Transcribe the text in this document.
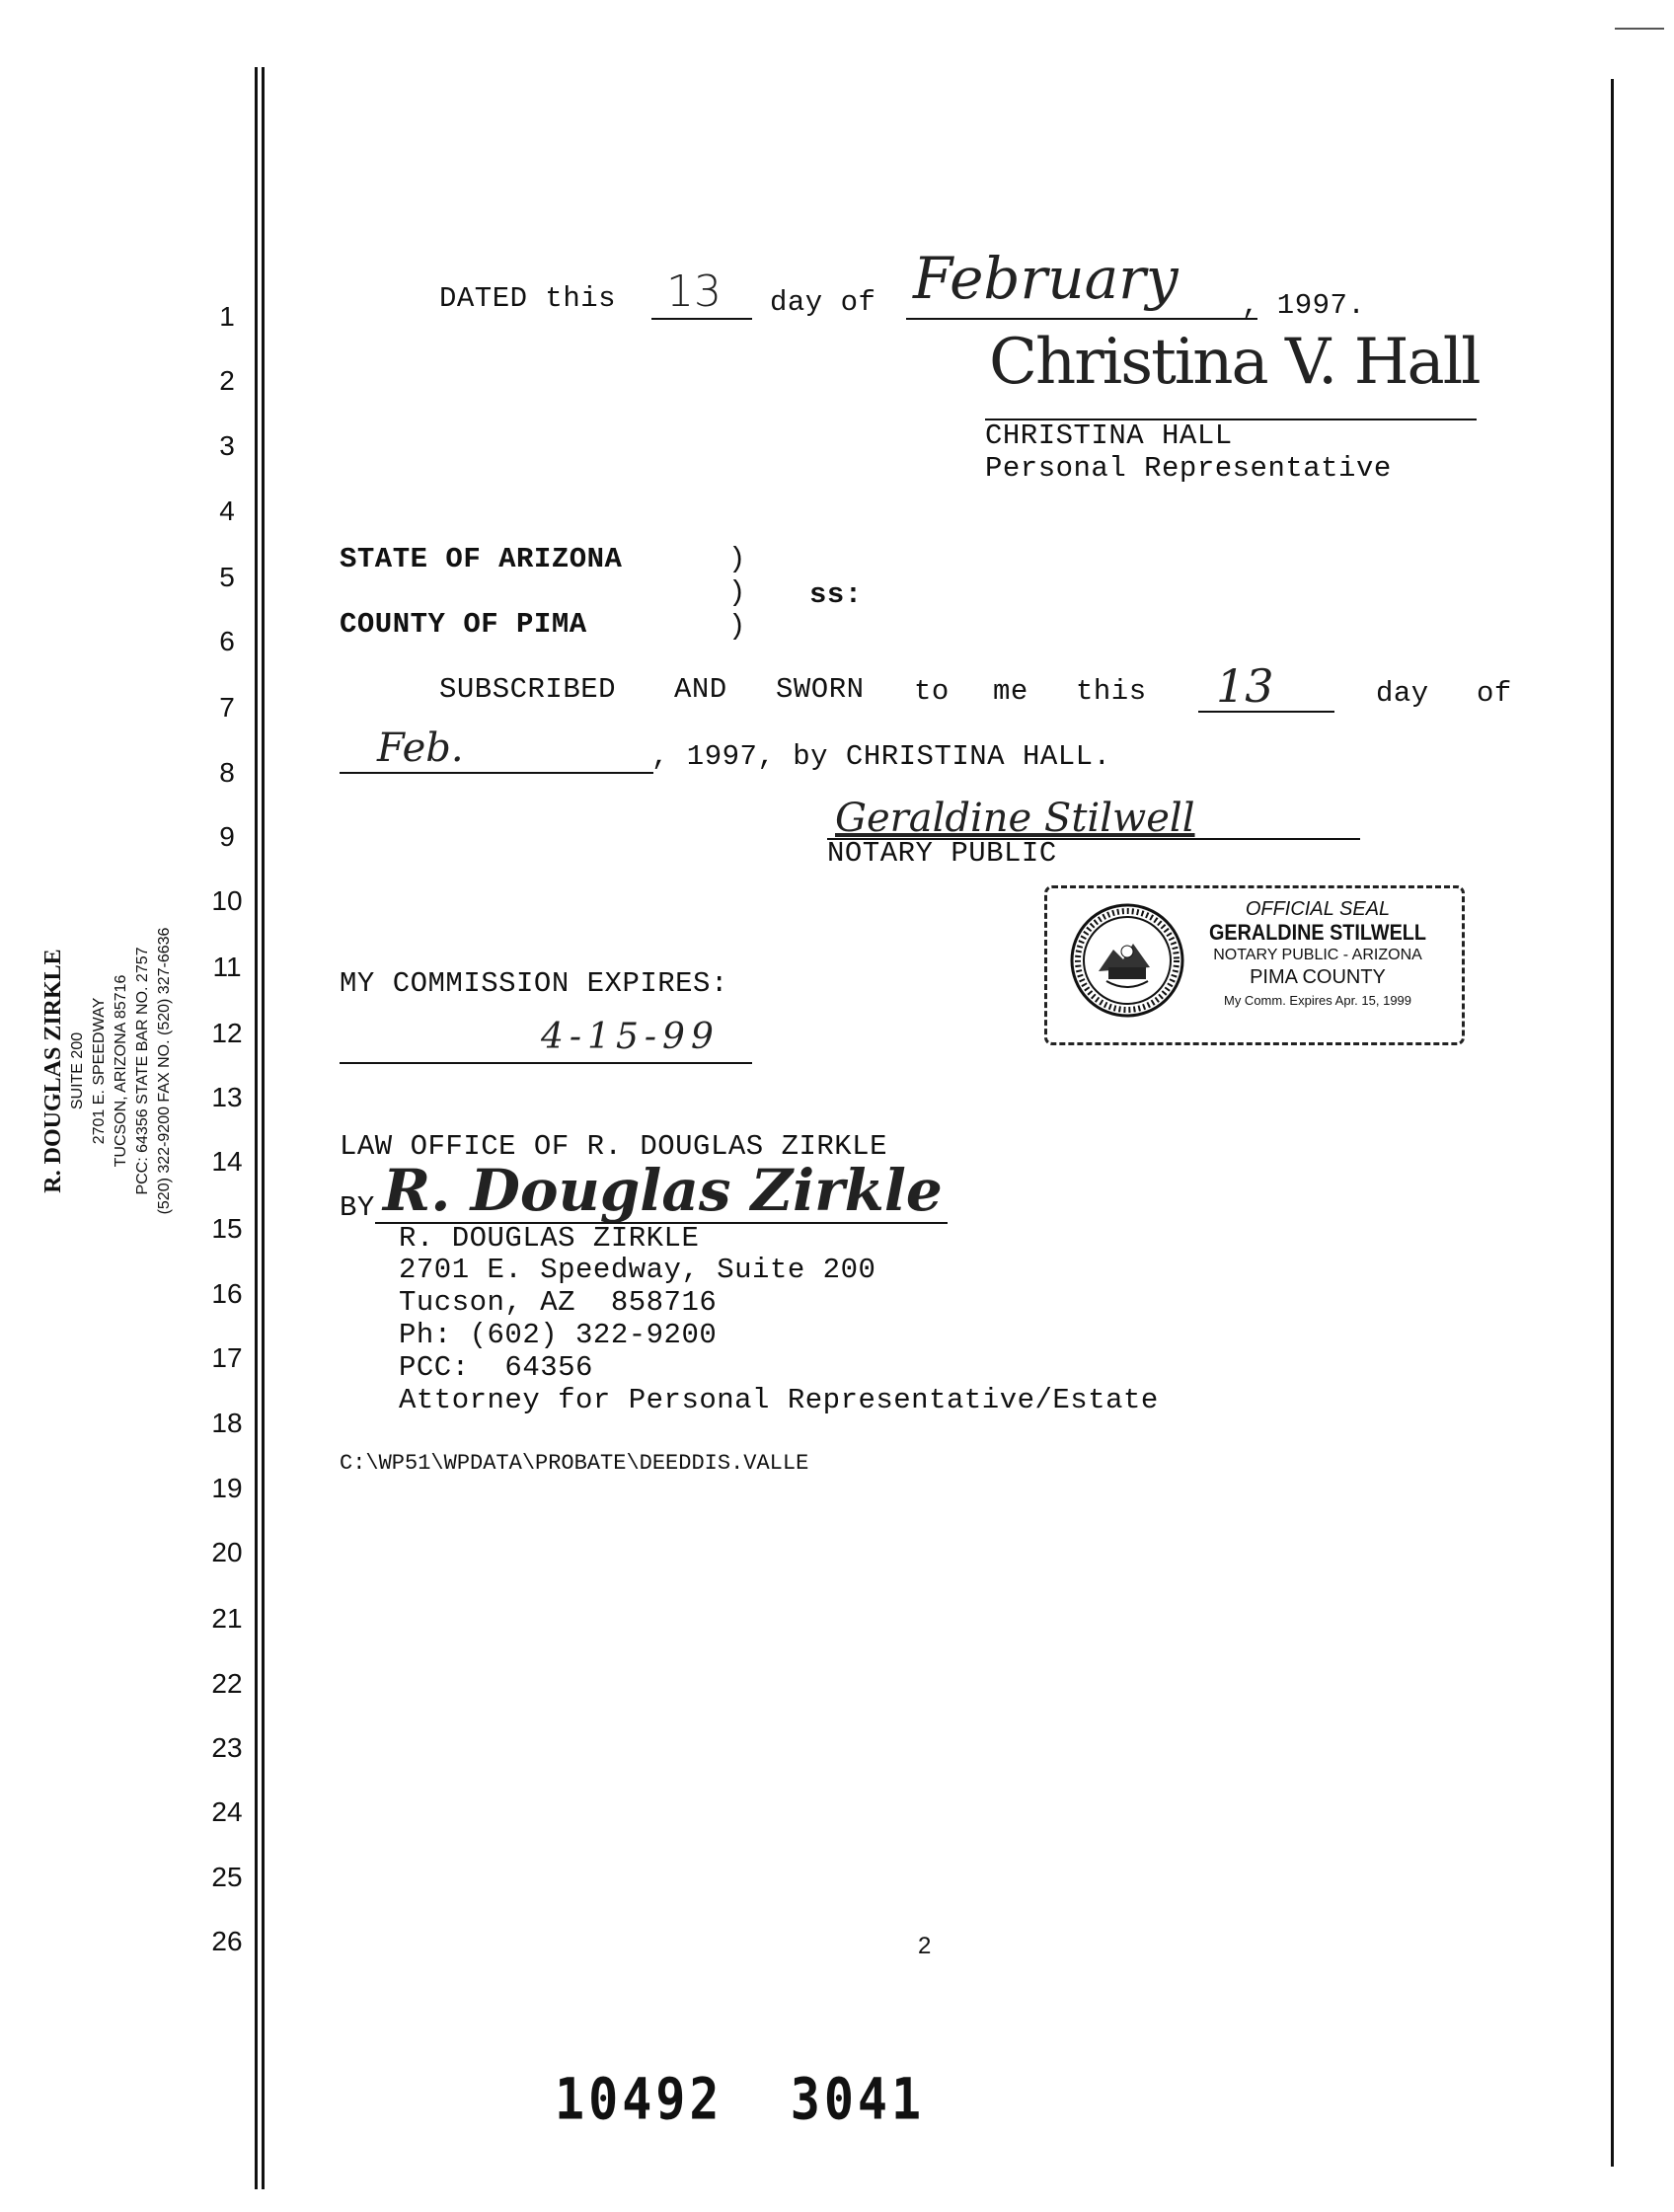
R. DOUGLAS ZIRKLE SUITE 200 2701 E. SPEEDWAY TUCSON, ARIZONA 85716 PCC: 64356 STATE BAR NO. 2757 (520) 322-9200 FAX NO. (520) 327-6636
1
2
3
4
5
6
7
8
9
10
11
12
13
14
15
16
17
18
19
20
21
22
23
24
25
26
DATED this 13 day of February , 1997.
Christina V. Hall
CHRISTINA HALL
Personal Representative
STATE OF ARIZONA	)
) ss:
COUNTY OF PIMA	)
SUBSCRIBED AND SWORN to me this 13	day of
Feb.	, 1997, by CHRISTINA HALL.
Geraldine Stilwell
NOTARY PUBLIC
OFFICIAL SEAL
GERALDINE STILWELL
NOTARY PUBLIC - ARIZONA
PIMA COUNTY
My Comm. Expires Apr. 15, 1999
MY COMMISSION EXPIRES:
4-15-99
LAW OFFICE OF R. DOUGLAS ZIRKLE
BY R. Douglas Zirkle
R. DOUGLAS ZIRKLE
2701 E. Speedway, Suite 200
Tucson, AZ  858716
Ph: (602) 322-9200
PCC:  64356
Attorney for Personal Representative/Estate
C:\WP51\WPDATA\PROBATE\DEEDDIS.VALLE
2
10492  3041
